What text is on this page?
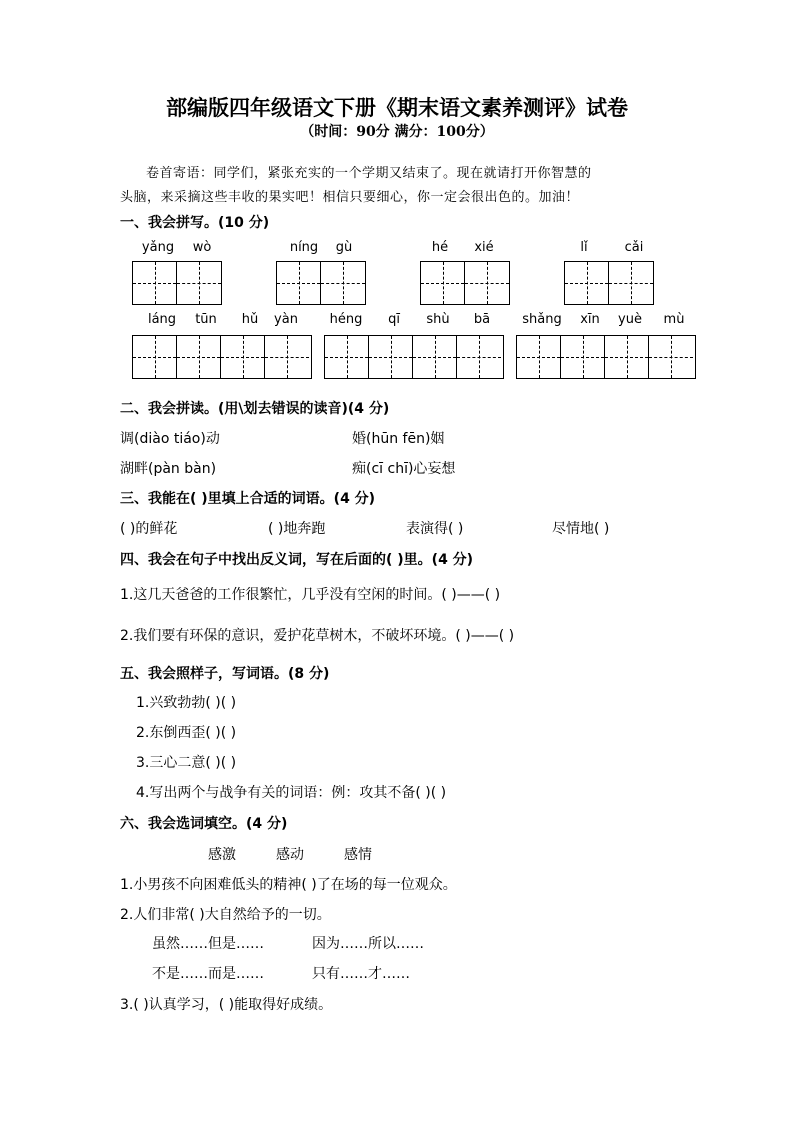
部编版四年级语文下册《期末语文素养测评》试卷
（时间：90分 满分：100分）
卷首寄语：同学们，紧张充实的一个学期又结束了。现在就请打开你智慧的
头脑，来采摘这些丰收的果实吧！相信只要细心，你一定会很出色的。加油！
一、我会拼写。(10 分)
yǎng	wò	níng	gù	hé	xié	lǐ	cǎi
láng	tūn	hǔ	yàn	héng	qī	shù	bā	shǎng	xīn	yuè	mù
二、我会拼读。(用\划去错误的读音)(4 分)
调(diào tiáo)动	婚(hūn fēn)姻
湖畔(pàn bàn)	痴(cī chī)心妄想
三、我能在( )里填上合适的词语。(4 分)
( )的鲜花	( )地奔跑	表演得( )	尽情地( )
四、我会在句子中找出反义词，写在后面的( )里。(4 分)
1.这几天爸爸的工作很繁忙，几乎没有空闲的时间。( )——( )
2.我们要有环保的意识，爱护花草树木，不破坏环境。( )——( )
五、我会照样子，写词语。(8 分)
1.兴致勃勃( )( )
2.东倒西歪( )( )
3.三心二意( )( )
4.写出两个与战争有关的词语：例：攻其不备( )( )
六、我会选词填空。(4 分)
感激	感动	感情
1.小男孩不向困难低头的精神( )了在场的每一位观众。
2.人们非常( )大自然给予的一切。
虽然……但是……	因为……所以……
不是……而是……	只有……才……
3.( )认真学习，( )能取得好成绩。
